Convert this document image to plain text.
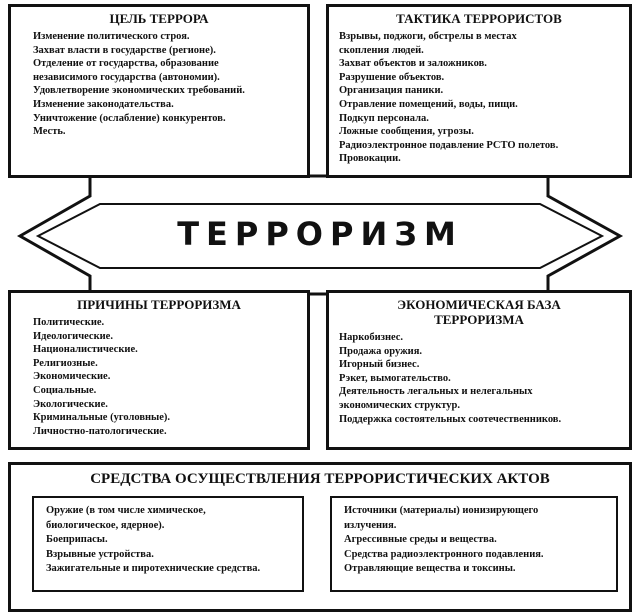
ТЕРРОРИЗМ
ЦЕЛЬ ТЕРРОРА
Изменение политического строя.
Захват власти в государстве (регионе).
Отделение от государства, образование
независимого государства (автономии).
Удовлетворение экономических требований.
Изменение законодательства.
Уничтожение (ослабление) конкурентов.
Месть.
ТАКТИКА ТЕРРОРИСТОВ
Взрывы, поджоги, обстрелы в местах
скопления людей.
Захват объектов и заложников.
Разрушение объектов.
Организация паники.
Отравление помещений, воды, пищи.
Подкуп персонала.
Ложные сообщения, угрозы.
Радиоэлектронное подавление РСТО полетов.
Провокации.
ПРИЧИНЫ ТЕРРОРИЗМА
Политические.
Идеологические.
Националистические.
Религиозные.
Экономические.
Социальные.
Экологические.
Криминальные (уголовные).
Личностно-патологические.
ЭКОНОМИЧЕСКАЯ БАЗА
ТЕРРОРИЗМА
Наркобизнес.
Продажа оружия.
Игорный бизнес.
Рэкет, вымогательство.
Деятельность легальных и нелегальных
экономических структур.
Поддержка состоятельных соотечественников.
СРЕДСТВА ОСУЩЕСТВЛЕНИЯ ТЕРРОРИСТИЧЕСКИХ АКТОВ
Оружие (в том числе химическое,
биологическое, ядерное).
Боеприпасы.
Взрывные устройства.
Зажигательные и пиротехнические средства.
Источники (материалы) ионизирующего
излучения.
Агрессивные среды и вещества.
Средства радиоэлектронного подавления.
Отравляющие вещества и токсины.
